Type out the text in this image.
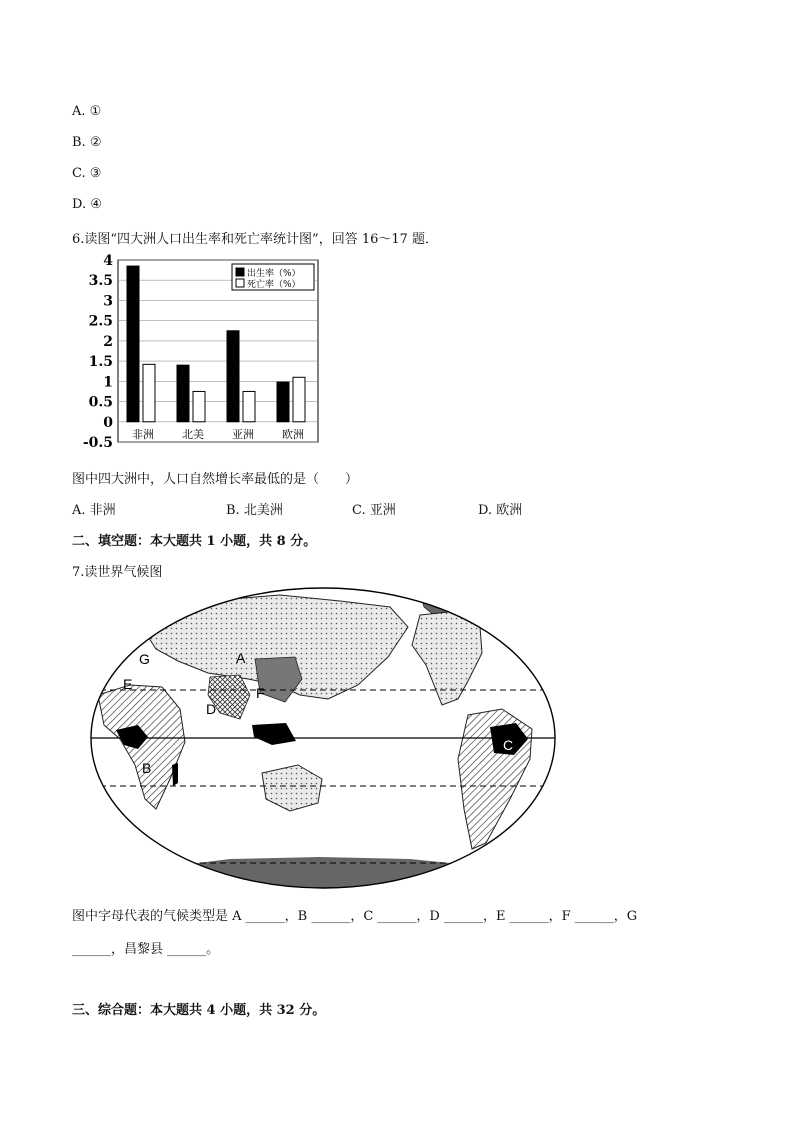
A. ①
B. ②
C. ③
D. ④
6.读图“四大洲人口出生率和死亡率统计图”，回答 16～17 题．
4
3.5
3
2.5
2
1.5
1
0.5
0
-0.5
非洲	北美	亚洲	欧洲
出生率（%）
死亡率（%）
图中四大洲中，人口自然增长率最低的是（　　）
A. 非洲	B. 北美洲	C. 亚洲	D. 欧洲
二、填空题：本大题共 1 小题，共 8 分。
7.读世界气候图
A
B
C
D
E
F
G
图中字母代表的气候类型是 A ______，B ______，C ______，D ______，E ______，F ______，G
______，昌黎县 ______。
三、综合题：本大题共 4 小题，共 32 分。
